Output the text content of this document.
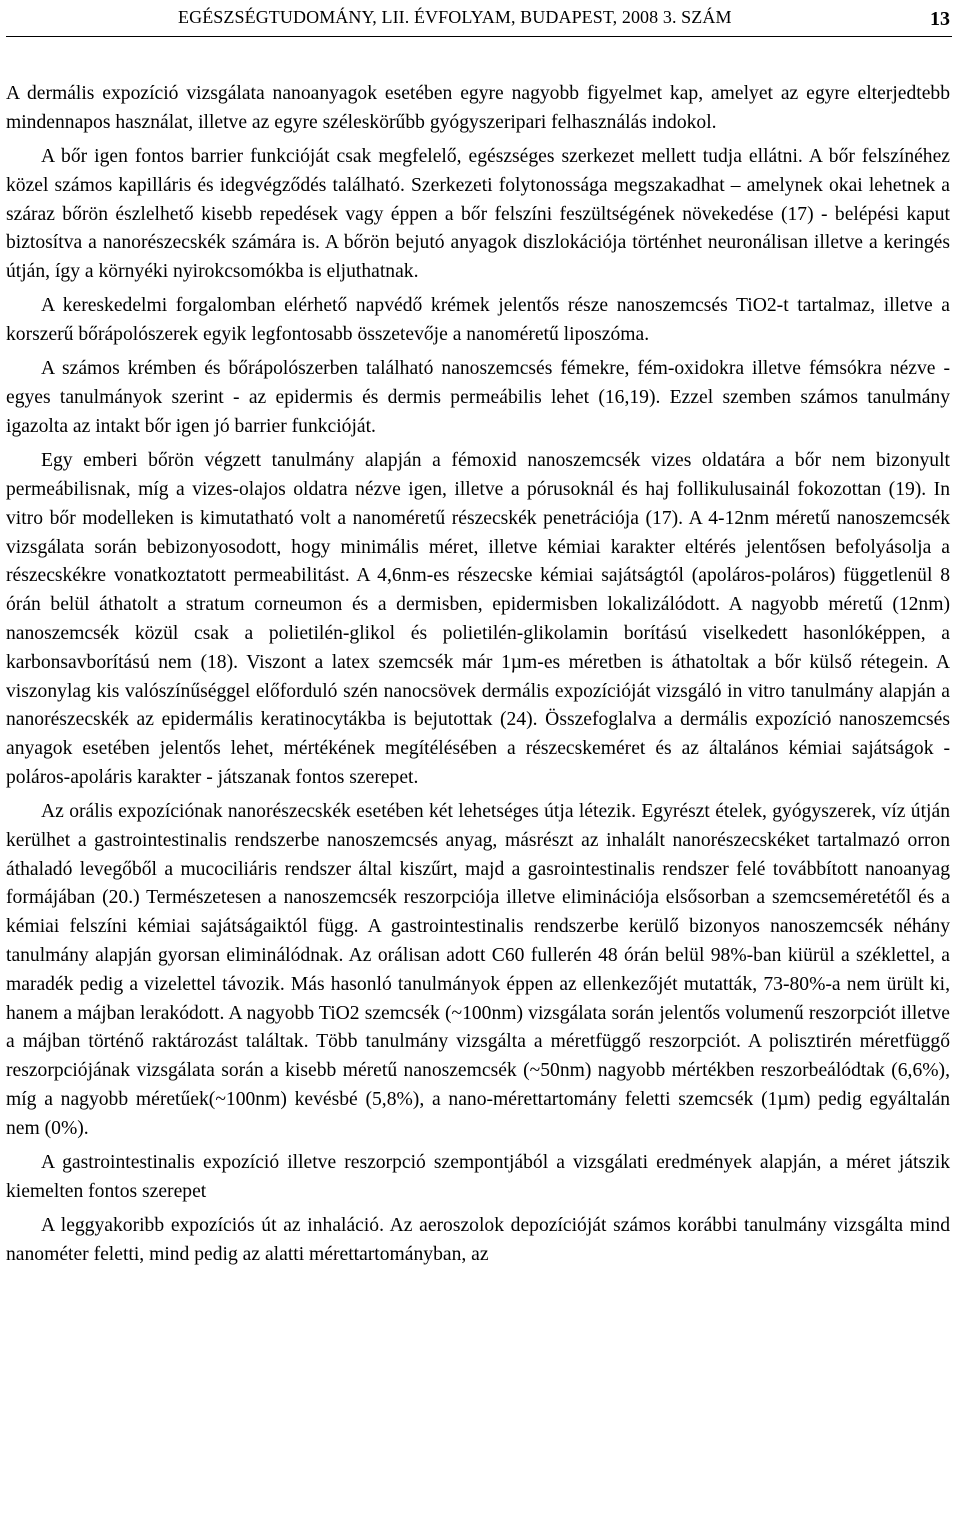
EGÉSZSÉGTUDOMÁNY, LII. ÉVFOLYAM, BUDAPEST, 2008 3. SZÁM	13

A dermális expozíció vizsgálata nanoanyagok esetében egyre nagyobb figyelmet kap, amelyet az egyre elterjedtebb mindennapos használat, illetve az egyre széleskörűbb gyógyszeripari felhasználás indokol.

A bőr igen fontos barrier funkcióját csak megfelelő, egészséges szerkezet mellett tudja ellátni. A bőr felszínéhez közel számos kapilláris és idegvégződés található. Szerkezeti folytonossága megszakadhat – amelynek okai lehetnek a száraz bőrön észlelhető kisebb repedések vagy éppen a bőr felszíni feszültségének növekedése (17) - belépési kaput biztosítva a nanorészecskék számára is. A bőrön bejutó anyagok diszlokációja történhet neuronálisan illetve a keringés útján, így a környéki nyirokcsomókba is eljuthatnak.

A kereskedelmi forgalomban elérhető napvédő krémek jelentős része nanoszemcsés TiO2-t tartalmaz, illetve a korszerű bőrápolószerek egyik legfontosabb összetevője a nanoméretű liposzóma.

A számos krémben és bőrápolószerben található nanoszemcsés fémekre, fém-oxidokra illetve fémsókra nézve - egyes tanulmányok szerint - az epidermis és dermis permeábilis lehet (16,19). Ezzel szemben számos tanulmány igazolta az intakt bőr igen jó barrier funkcióját.

Egy emberi bőrön végzett tanulmány alapján a fémoxid nanoszemcsék vizes oldatára a bőr nem bizonyult permeábilisnak, míg a vizes-olajos oldatra nézve igen, illetve a pórusoknál és haj follikulusainál fokozottan (19). In vitro bőr modelleken is kimutatható volt a nanoméretű részecskék penetrációja (17). A 4-12nm méretű nanoszemcsék vizsgálata során bebizonyosodott, hogy minimális méret, illetve kémiai karakter eltérés jelentősen befolyásolja a részecskékre vonatkoztatott permeabilitást. A 4,6nm-es részecske kémiai sajátságtól (apoláros-poláros) függetlenül 8 órán belül áthatolt a stratum corneumon és a dermisben, epidermisben lokalizálódott. A nagyobb méretű (12nm) nanoszemcsék közül csak a polietilén-glikol és polietilén-glikolamin borítású viselkedett hasonlóképpen, a karbonsavborítású nem (18). Viszont a latex szemcsék már 1µm-es méretben is áthatoltak a bőr külső rétegein. A viszonylag kis valószínűséggel előforduló szén nanocsövek dermális expozícióját vizsgáló in vitro tanulmány alapján a nanorészecskék az epidermális keratinocytákba is bejutottak (24). Összefoglalva a dermális expozíció nanoszemcsés anyagok esetében jelentős lehet, mértékének megítélésében a részecskeméret és az általános kémiai sajátságok - poláros-apoláris karakter - játszanak fontos szerepet.

Az orális expozíciónak nanorészecskék esetében két lehetséges útja létezik. Egyrészt ételek, gyógyszerek, víz útján kerülhet a gastrointestinalis rendszerbe nanoszemcsés anyag, másrészt az inhalált nanorészecskéket tartalmazó orron áthaladó levegőből a mucociliáris rendszer által kiszűrt, majd a gasrointestinalis rendszer felé továbbított nanoanyag formájában (20.) Természetesen a nanoszemcsék reszorpciója illetve eliminációja elsősorban a szemcseméretétől és a kémiai felszíni kémiai sajátságaiktól függ. A gastrointestinalis rendszerbe kerülő bizonyos nanoszemcsék néhány tanulmány alapján gyorsan eliminálódnak. Az orálisan adott C60 fullerén 48 órán belül 98%-ban kiürül a széklettel, a maradék pedig a vizelettel távozik. Más hasonló tanulmányok éppen az ellenkezőjét mutatták, 73-80%-a nem ürült ki, hanem a májban lerakódott. A nagyobb TiO2 szemcsék (~100nm) vizsgálata során jelentős volumenű reszorpciót illetve a májban történő raktározást találtak. Több tanulmány vizsgálta a méretfüggő reszorpciót. A polisztirén méretfüggő reszorpciójának vizsgálata során a kisebb méretű nanoszemcsék (~50nm) nagyobb mértékben reszorbeálódtak (6,6%), míg a nagyobb méretűek(~100nm) kevésbé (5,8%), a nano-mérettartomány feletti szemcsék (1µm) pedig egyáltalán nem (0%).

A gastrointestinalis expozíció illetve reszorpció szempontjából a vizsgálati eredmények alapján, a méret játszik kiemelten fontos szerepet

A leggyakoribb expozíciós út az inhaláció. Az aeroszolok depozícióját számos korábbi tanulmány vizsgálta mind nanométer feletti, mind pedig az alatti mérettartományban, az
